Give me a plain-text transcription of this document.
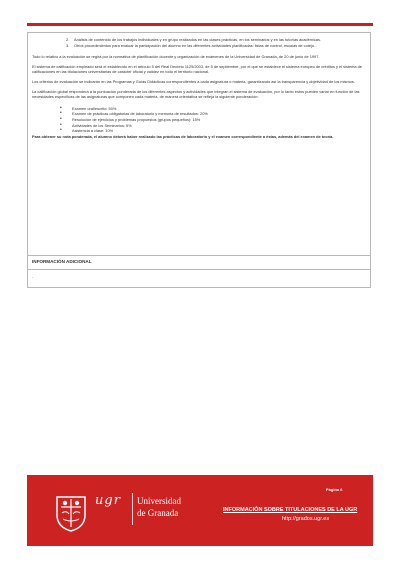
2. Análisis de contenido de los trabajos individuales y en grupo realizados en las clases prácticas, en los seminarios y en las tutorías académicas.
3. Otros procedimientos para evaluar la participación del alumno en las diferentes actividades planificadas: listas de control, escalas de cotejo...

Todo lo relativo a la evaluación se regirá por la normativa de planificación docente y organización de exámenes de la Universidad de Granada, de 20 de junio de 1997.

El sistema de calificación empleado será el establecido en el artículo 5 del Real Decreto 1125/2003, de 5 de septiembre, por el que se establece el sistema europeo de créditos y el sistema de calificaciones en las titulaciones universitarias de carácter oficial y validez en todo el territorio nacional.

Los criterios de evaluación se indicarán en las Programas y Guías Didácticas correspondientes a cada asignatura o materia, garantizando así la transparencia y objetividad de los mismos.

La calificación global responderá a la puntuación ponderada de los diferentes aspectos y actividades que integran el sistema de evaluación, por lo tanto éstos pueden variar en función de las necesidades específicas de las asignaturas que componen cada materia, de manera orientativa se refleja la siguiente ponderación:

• Examen oral/escrito: 50%
• Examen de prácticas obligatorias de laboratorio y memoria de resultados: 20%
• Resolución de ejercicios y problemas propuestos (grupos pequeños): 15%
• Actividades de los Seminarios: 5%
• Asistencia a clase: 10%
Para obtener su nota ponderada, el alumno deberá haber realizado las prácticas de laboratorio y el examen correspondiente a éstas, además del examen de teoría.
INFORMACIÓN ADICIONAL
-
ugr Universidad
de Granada
Página 6
INFORMACIÓN SOBRE TITULACIONES DE LA UGR
http://grados.ugr.es
